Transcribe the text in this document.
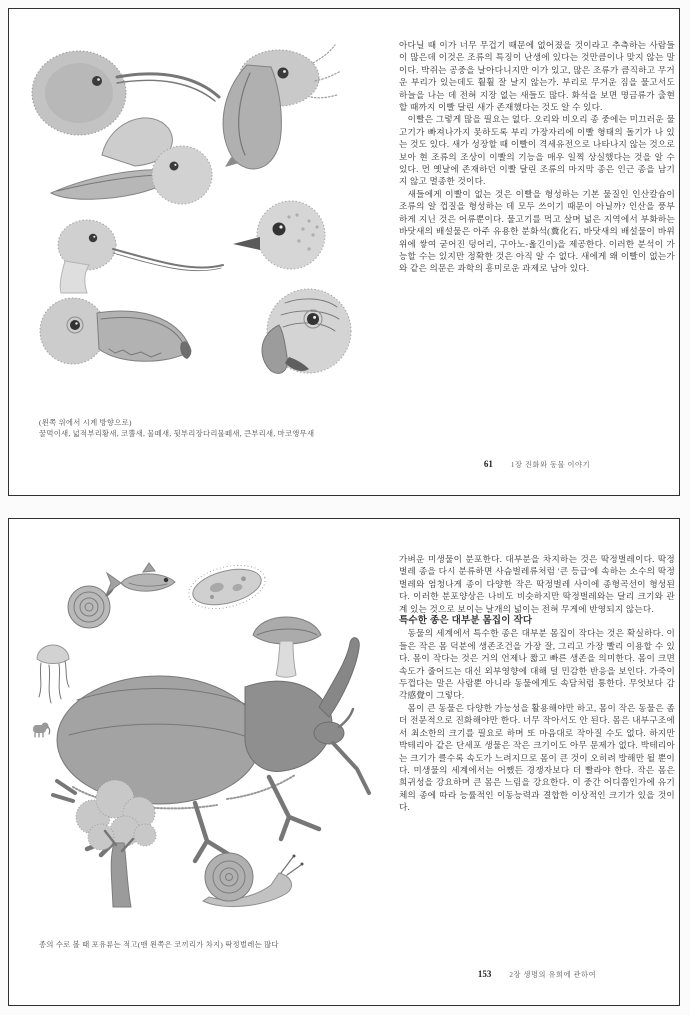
(왼쪽 위에서 시계 방향으로)
꿀먹이새, 넓적부리황새, 코뿔새, 물떼새, 뒷부리장다리물떼새, 큰부리새, 마코앵무새

아다닐 때 이가 너무 무겁기 때문에 없어졌을 것이라고 추측하는 사람들이 많은데 이것은 조류의 특징이 난생에 있다는 것만큼이나 맞지 않는 말이다. 박쥐는 공중을 날아다니지만 이가 있고, 많은 조류가 큼직하고 무거운 부리가 있는데도 훨훨 잘 날지 않는가. 부리로 무거운 짐을 물고서도 하늘을 나는 데 전혀 지장 없는 새들도 많다. 화석을 보면 명금류가 출현할 때까지 이빨 달린 새가 존재했다는 것도 알 수 있다.

이빨은 그렇게 많을 필요는 없다. 오리와 비오리 종 중에는 미끄러운 물고기가 빠져나가지 못하도록 부리 가장자리에 이빨 형태의 돌기가 나 있는 것도 있다. 새가 성장할 때 이빨이 격세유전으로 나타나지 않는 것으로 보아 현 조류의 조상이 이빨의 기능을 매우 일찍 상실했다는 것을 알 수 있다. 먼 옛날에 존재하던 이빨 달린 조류의 마지막 종은 인근 종을 남기지 않고 멸종한 것이다.

새들에게 이빨이 없는 것은 이빨을 형성하는 기본 물질인 인산칼슘이 조류의 알 껍질을 형성하는 데 모두 쓰이기 때문이 아닐까? 인산을 풍부하게 지닌 것은 어류뿐이다. 물고기를 먹고 살며 넓은 지역에서 부화하는 바닷새의 배설물은 아주 유용한 분화석(糞化石, 바닷새의 배설물이 바위 위에 쌓여 굳어진 덩어리, 구아노-옮긴이)을 제공한다. 이러한 분석이 가능할 수는 있지만 정확한 것은 아직 알 수 없다. 새에게 왜 이빨이 없는가와 같은 의문은 과학의 흥미로운 과제로 남아 있다.

61	1장 진화와 동물 이야기
종의 수로 볼 때 포유류는 적고(맨 왼쪽은 코끼리가 차지) 딱정벌레는 많다

가벼운 미생물이 분포한다. 대부분을 차지하는 것은 딱정벌레이다. 딱정벌레 종을 다시 분류하면 사슴벌레류처럼 '큰 등급'에 속하는 소수의 딱정벌레와 엄청나게 종이 다양한 작은 딱정벌레 사이에 종형곡선이 형성된다. 이러한 분포양상은 나비도 비슷하지만 딱정벌레와는 달리 크기와 관계 있는 것으로 보이는 날개의 넓이는 전혀 무게에 반영되지 않는다.

특수한 종은 대부분 몸집이 작다

동물의 세계에서 특수한 종은 대부분 몸집이 작다는 것은 확실하다. 이들은 작은 몸 덕분에 생존조건을 가장 잘, 그리고 가장 빨리 이용할 수 있다. 몸이 작다는 것은 거의 언제나 짧고 빠른 생존을 의미한다. 몸이 크면 속도가 줄어드는 대신 외부영향에 대해 덜 민감한 반응을 보인다. 가죽이 두껍다는 말은 사람뿐 아니라 동물에게도 속담처럼 통한다. 무엇보다 감각感覺이 그렇다.

몸이 큰 동물은 다양한 가능성을 활용해야만 하고, 몸이 작은 동물은 좀 더 전문적으로 진화해야만 한다. 너무 작아서도 안 된다. 몸은 내부구조에서 최소한의 크기를 필요로 하며 또 마음대로 작아질 수도 없다. 하지만 박테리아 같은 단세포 생물은 작은 크기이도 아무 문제가 없다. 박테리아는 크기가 클수록 속도가 느려지므로 몸이 큰 것이 오히려 방해만 될 뿐이다. 미생물의 세계에서는 어쨌든 경쟁자보다 더 빨라야 한다. 작은 몸은 희귀성을 강요하며 큰 몸은 느림을 강요한다. 이 중간 어디쯤인가에 유기체의 종에 따라 능률적인 이동능력과 결합한 이상적인 크기가 있을 것이다.

153	2장 생명의 유희에 관하여
